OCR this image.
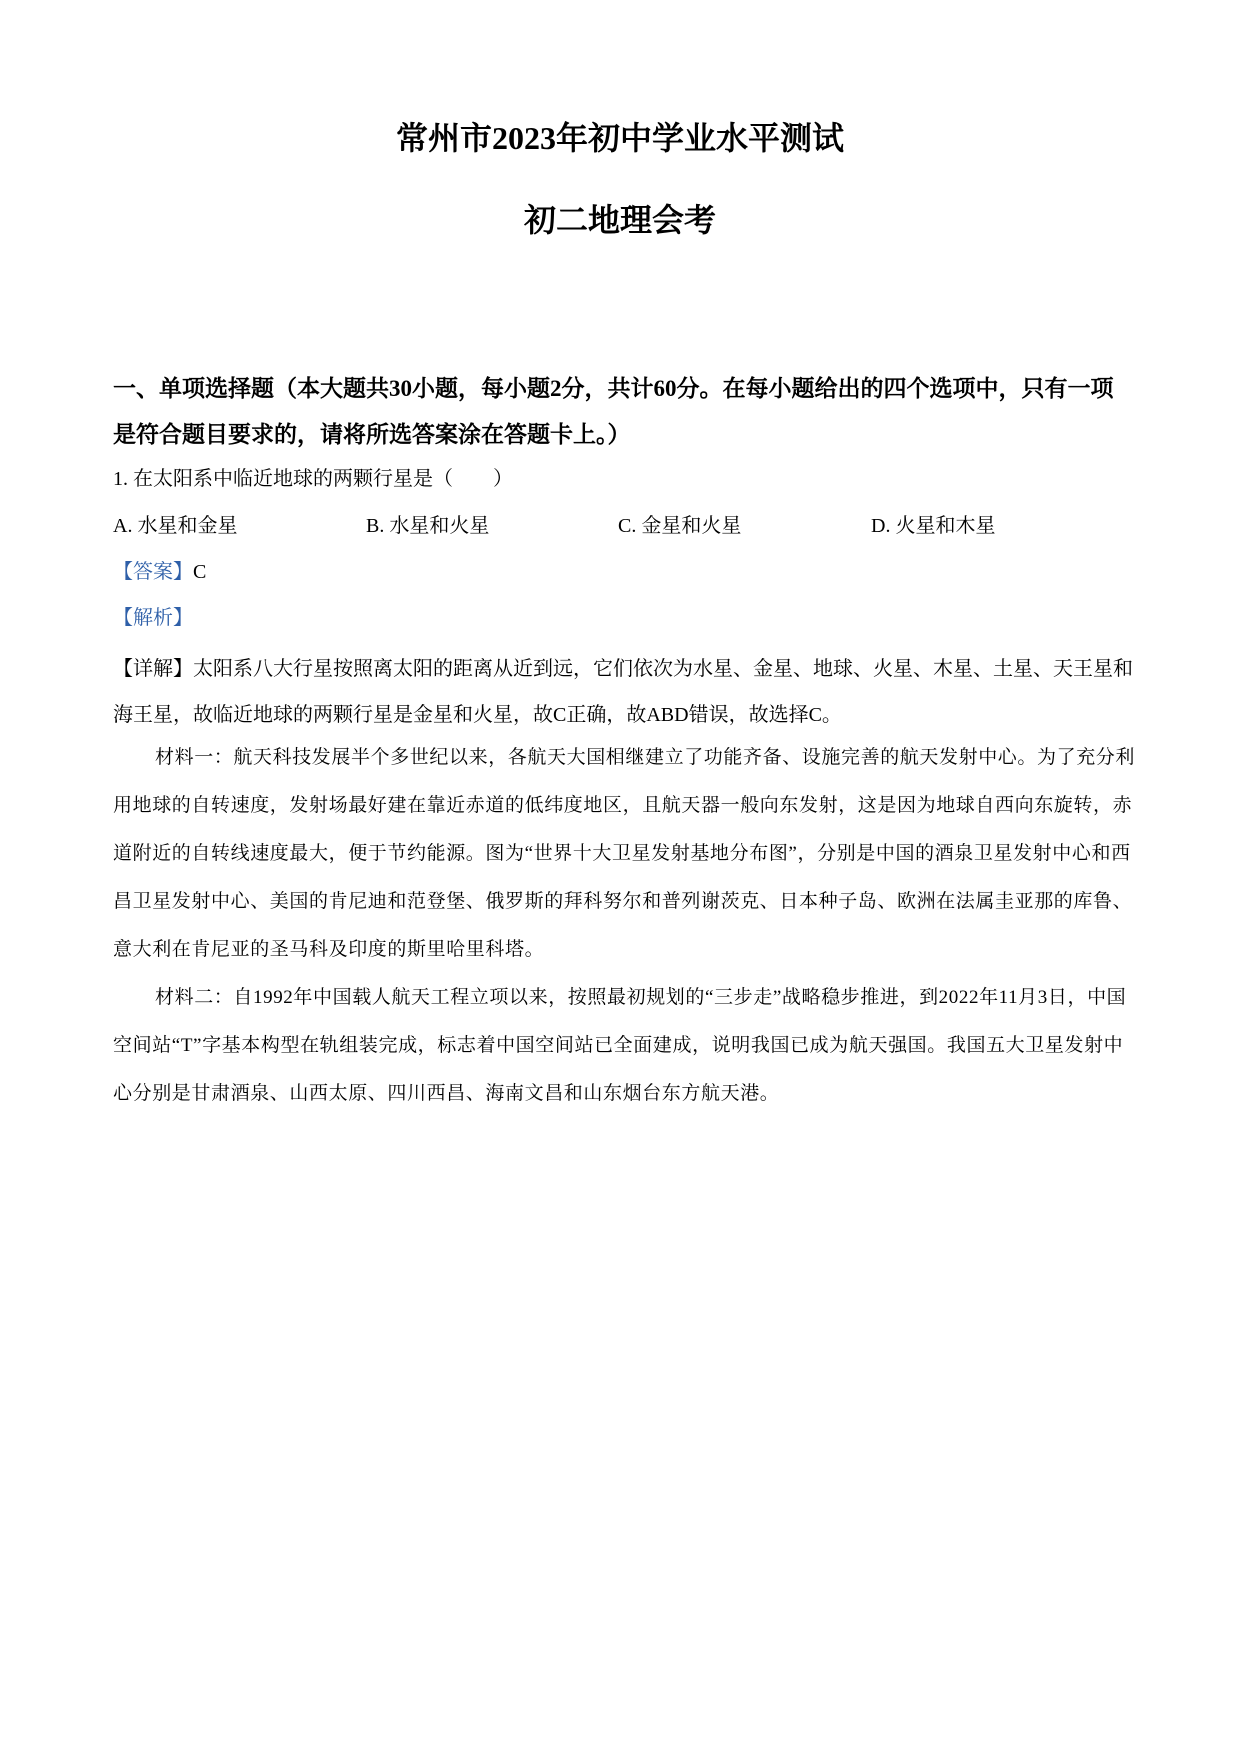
常州市2023年初中学业水平测试
初二地理会考
一、单项选择题（本大题共30小题，每小题2分，共计60分。在每小题给出的四个选项中，只有一项是符合题目要求的，请将所选答案涂在答题卡上。）
1. 在太阳系中临近地球的两颗行星是（　　）
A. 水星和金星	B. 水星和火星	C. 金星和火星	D. 火星和木星
【答案】C
【解析】
【详解】太阳系八大行星按照离太阳的距离从近到远，它们依次为水星、金星、地球、火星、木星、土星、天王星和海王星，故临近地球的两颗行星是金星和火星，故C正确，故ABD错误，故选择C。
材料一：航天科技发展半个多世纪以来，各航天大国相继建立了功能齐备、设施完善的航天发射中心。为了充分利用地球的自转速度，发射场最好建在靠近赤道的低纬度地区，且航天器一般向东发射，这是因为地球自西向东旋转，赤道附近的自转线速度最大，便于节约能源。图为“世界十大卫星发射基地分布图”，分别是中国的酒泉卫星发射中心和西昌卫星发射中心、美国的肯尼迪和范登堡、俄罗斯的拜科努尔和普列谢茨克、日本种子岛、欧洲在法属圭亚那的库鲁、意大利在肯尼亚的圣马科及印度的斯里哈里科塔。
材料二：自1992年中国载人航天工程立项以来，按照最初规划的“三步走”战略稳步推进，到2022年11月3日，中国空间站“T”字基本构型在轨组装完成，标志着中国空间站已全面建成，说明我国已成为航天强国。我国五大卫星发射中心分别是甘肃酒泉、山西太原、四川西昌、海南文昌和山东烟台东方航天港。
